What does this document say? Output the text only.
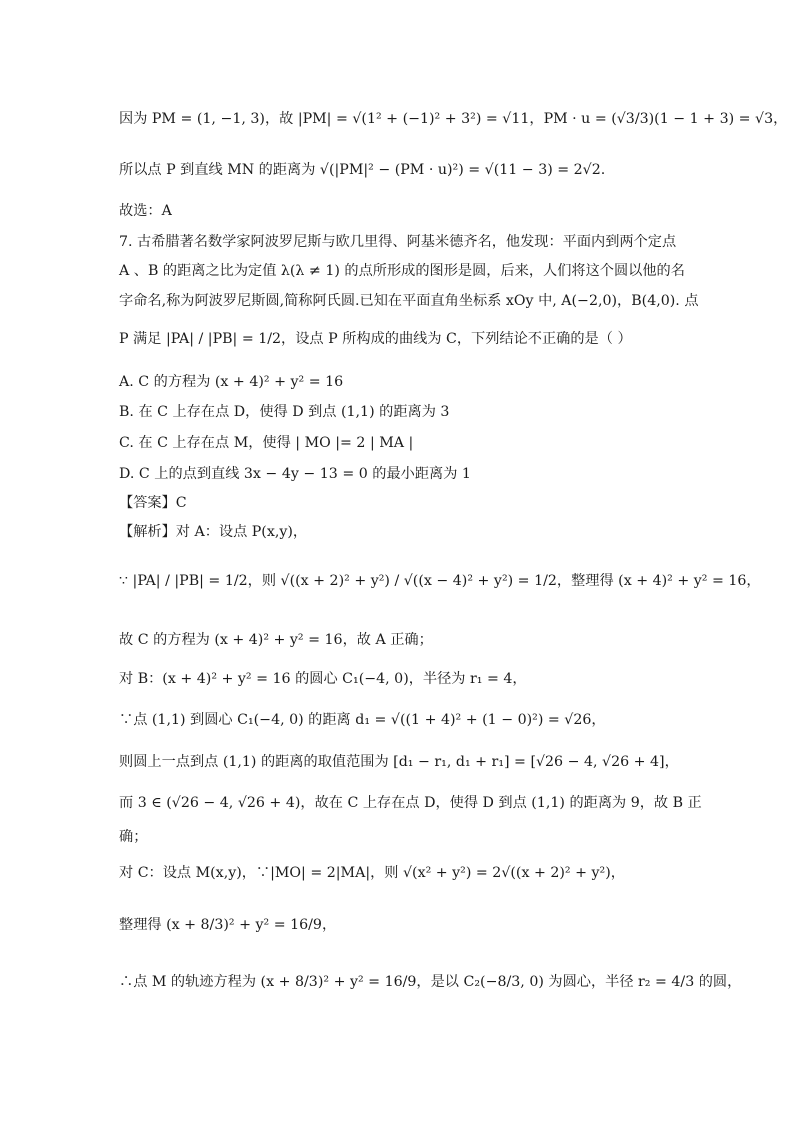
因为 PM = (1, −1, 3)，故 |PM| = √(1² + (−1)² + 3²) = √11，PM · u = (√3/3)(1 − 1 + 3) = √3，
所以点 P 到直线 MN 的距离为 √(|PM|² − (PM · u)²) = √(11 − 3) = 2√2.
故选：A
7. 古希腊著名数学家阿波罗尼斯与欧几里得、阿基米德齐名，他发现：平面内到两个定点
A 、B 的距离之比为定值 λ(λ ≠ 1) 的点所形成的图形是圆，后来，人们将这个圆以他的名
字命名,称为阿波罗尼斯圆,简称阿氏圆.已知在平面直角坐标系 xOy 中, A(−2,0)，B(4,0). 点
P 满足 |PA| / |PB| = 1/2，设点 P 所构成的曲线为 C，下列结论不正确的是（ ）
A. C 的方程为 (x + 4)² + y² = 16
B. 在 C 上存在点 D，使得 D 到点 (1,1) 的距离为 3
C. 在 C 上存在点 M，使得 | MO |= 2 | MA |
D. C 上的点到直线 3x − 4y − 13 = 0 的最小距离为 1
【答案】C
【解析】对 A：设点 P(x,y)，
∵ |PA| / |PB| = 1/2，则 √((x + 2)² + y²) / √((x − 4)² + y²) = 1/2，整理得 (x + 4)² + y² = 16，
故 C 的方程为 (x + 4)² + y² = 16，故 A 正确；
对 B：(x + 4)² + y² = 16 的圆心 C₁(−4, 0)，半径为 r₁ = 4，
∵点 (1,1) 到圆心 C₁(−4, 0) 的距离 d₁ = √((1 + 4)² + (1 − 0)²) = √26，
则圆上一点到点 (1,1) 的距离的取值范围为 [d₁ − r₁, d₁ + r₁] = [√26 − 4, √26 + 4]，
而 3 ∈ (√26 − 4, √26 + 4)，故在 C 上存在点 D，使得 D 到点 (1,1) 的距离为 9，故 B 正
确；
对 C：设点 M(x,y)，∵|MO| = 2|MA|，则 √(x² + y²) = 2√((x + 2)² + y²)，
整理得 (x + 8/3)² + y² = 16/9，
∴点 M 的轨迹方程为 (x + 8/3)² + y² = 16/9，是以 C₂(−8/3, 0) 为圆心，半径 r₂ = 4/3 的圆，
